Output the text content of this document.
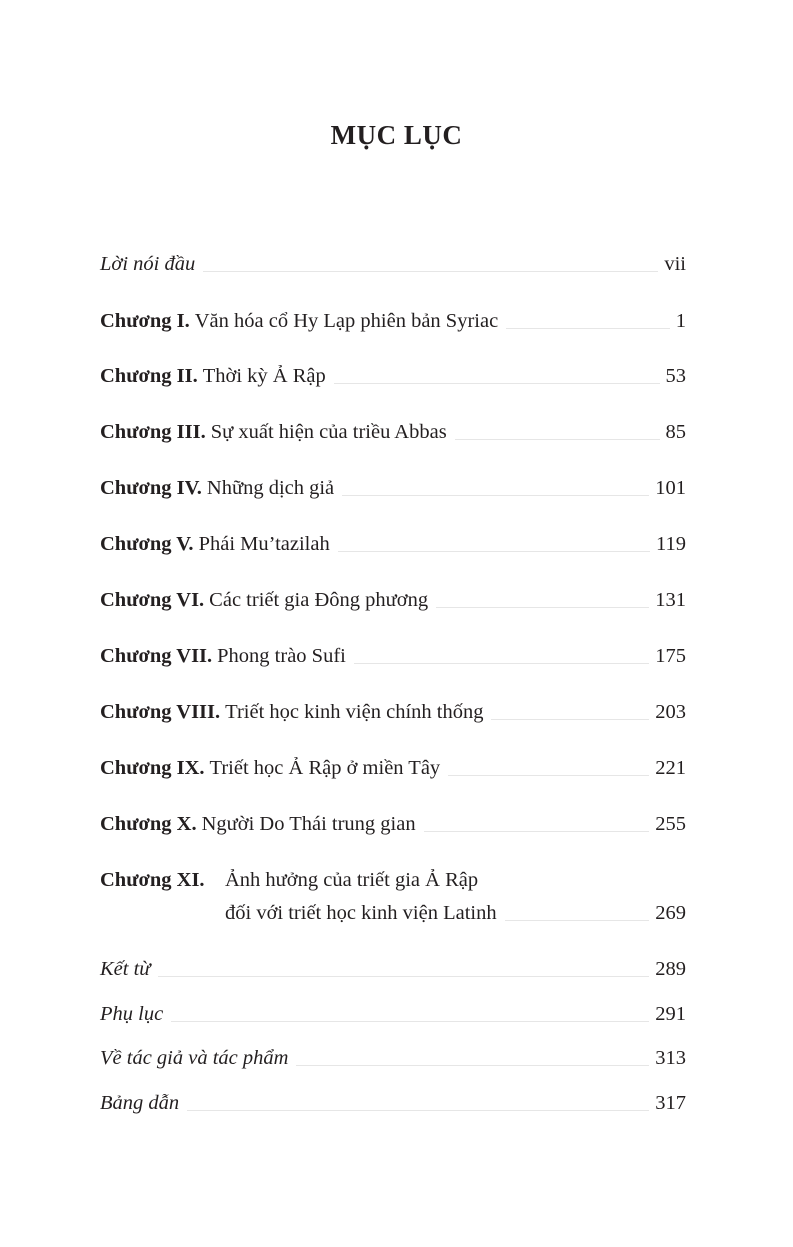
MỤC LỤC
Lời nói đầu	vii
Chương I. Văn hóa cổ Hy Lạp phiên bản Syriac	1
Chương II. Thời kỳ Ả Rập	53
Chương III. Sự xuất hiện của triều Abbas	85
Chương IV. Những dịch giả	101
Chương V. Phái Mu’tazilah	119
Chương VI. Các triết gia Đông phương	131
Chương VII. Phong trào Sufi	175
Chương VIII. Triết học kinh viện chính thống	203
Chương IX. Triết học Ả Rập ở miền Tây	221
Chương X. Người Do Thái trung gian	255
Chương XI. Ảnh hưởng của triết gia Ả Rập
đối với triết học kinh viện Latinh	269
Kết từ	289
Phụ lục	291
Về tác giả và tác phẩm	313
Bảng dẫn	317
